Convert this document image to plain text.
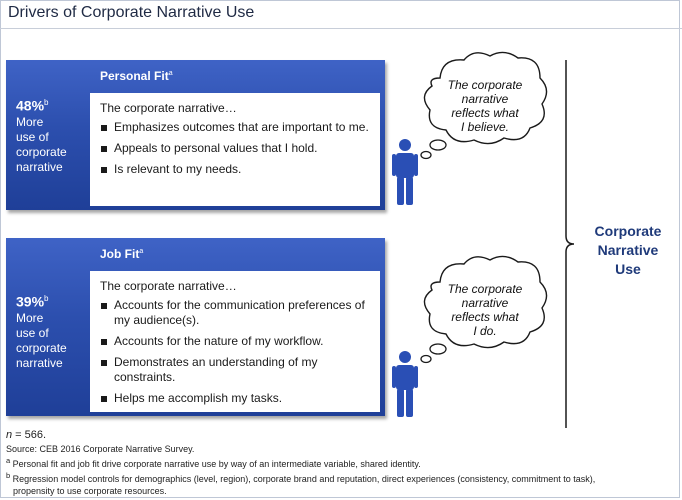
Drivers of Corporate Narrative Use
Personal Fit$^a$
48%$^b$
More
use of
corporate
narrative
The corporate narrative…
Emphasizes outcomes that are important to me.
Appeals to personal values that I hold.
Is relevant to my needs.
Job Fit$^a$
39%$^b$
More
use of
corporate
narrative
The corporate narrative…
Accounts for the communication preferences of my audience(s).
Accounts for the nature of my workflow.
Demonstrates an understanding of my constraints.
Helps me accomplish my tasks.
The corporate
narrative
reflects what
I believe.
The corporate
narrative
reflects what
I do.
Corporate
Narrative
Use
n = 566.
Source: CEB 2016 Corporate Narrative Survey.
$^a$ Personal fit and job fit drive corporate narrative use by way of an intermediate variable, shared identity.
$^b$ Regression model controls for demographics (level, region), corporate brand and reputation, direct experiences (consistency, commitment to task),
propensity to use corporate resources.
